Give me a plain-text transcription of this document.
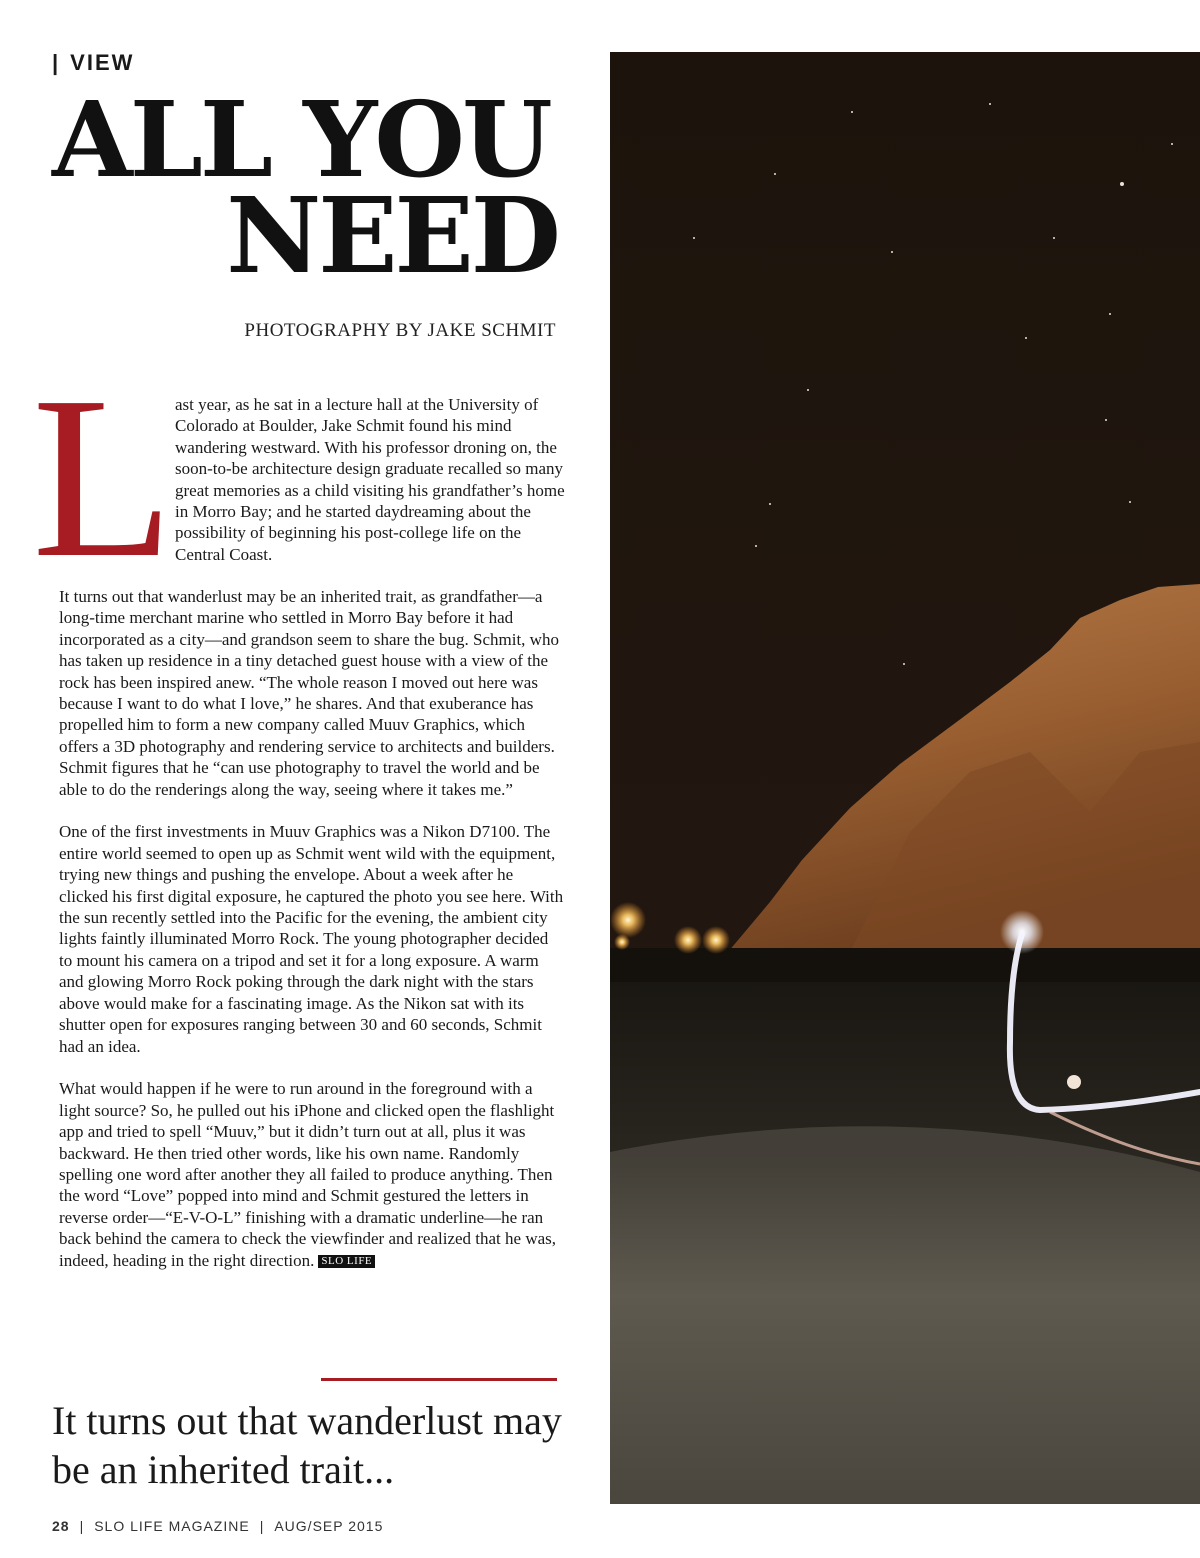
| VIEW
ALL YOU
NEED
PHOTOGRAPHY BY JAKE SCHMIT
L ast year, as he sat in a lecture hall at the University of Colorado at Boulder, Jake Schmit found his mind wandering westward. With his professor droning on, the soon-to-be architecture design graduate recalled so many great memories as a child visiting his grandfather’s home in Morro Bay; and he started daydreaming about the possibility of beginning his post-college life on the Central Coast.

It turns out that wanderlust may be an inherited trait, as grandfather—a long-time merchant marine who settled in Morro Bay before it had incorporated as a city—and grandson seem to share the bug. Schmit, who has taken up residence in a tiny detached guest house with a view of the rock has been inspired anew. “The whole reason I moved out here was because I want to do what I love,” he shares. And that exuberance has propelled him to form a new company called Muuv Graphics, which offers a 3D photography and rendering service to architects and builders. Schmit figures that he “can use photography to travel the world and be able to do the renderings along the way, seeing where it takes me.”

One of the first investments in Muuv Graphics was a Nikon D7100. The entire world seemed to open up as Schmit went wild with the equipment, trying new things and pushing the envelope. About a week after he clicked his first digital exposure, he captured the photo you see here. With the sun recently settled into the Pacific for the evening, the ambient city lights faintly illuminated Morro Rock. The young photographer decided to mount his camera on a tripod and set it for a long exposure. A warm and glowing Morro Rock poking through the dark night with the stars above would make for a fascinating image. As the Nikon sat with its shutter open for exposures ranging between 30 and 60 seconds, Schmit had an idea.

What would happen if he were to run around in the foreground with a light source? So, he pulled out his iPhone and clicked open the flashlight app and tried to spell “Muuv,” but it didn’t turn out at all, plus it was backward. He then tried other words, like his own name. Randomly spelling one word after another they all failed to produce anything. Then the word “Love” popped into mind and Schmit gestured the letters in reverse order—“E-V-O-L” finishing with a dramatic underline—he ran back behind the camera to check the viewfinder and realized that he was, indeed, heading in the right direction. SLO LIFE

It turns out that wanderlust may be an inherited trait...

28 | SLO LIFE MAGAZINE | AUG/SEP 2015
